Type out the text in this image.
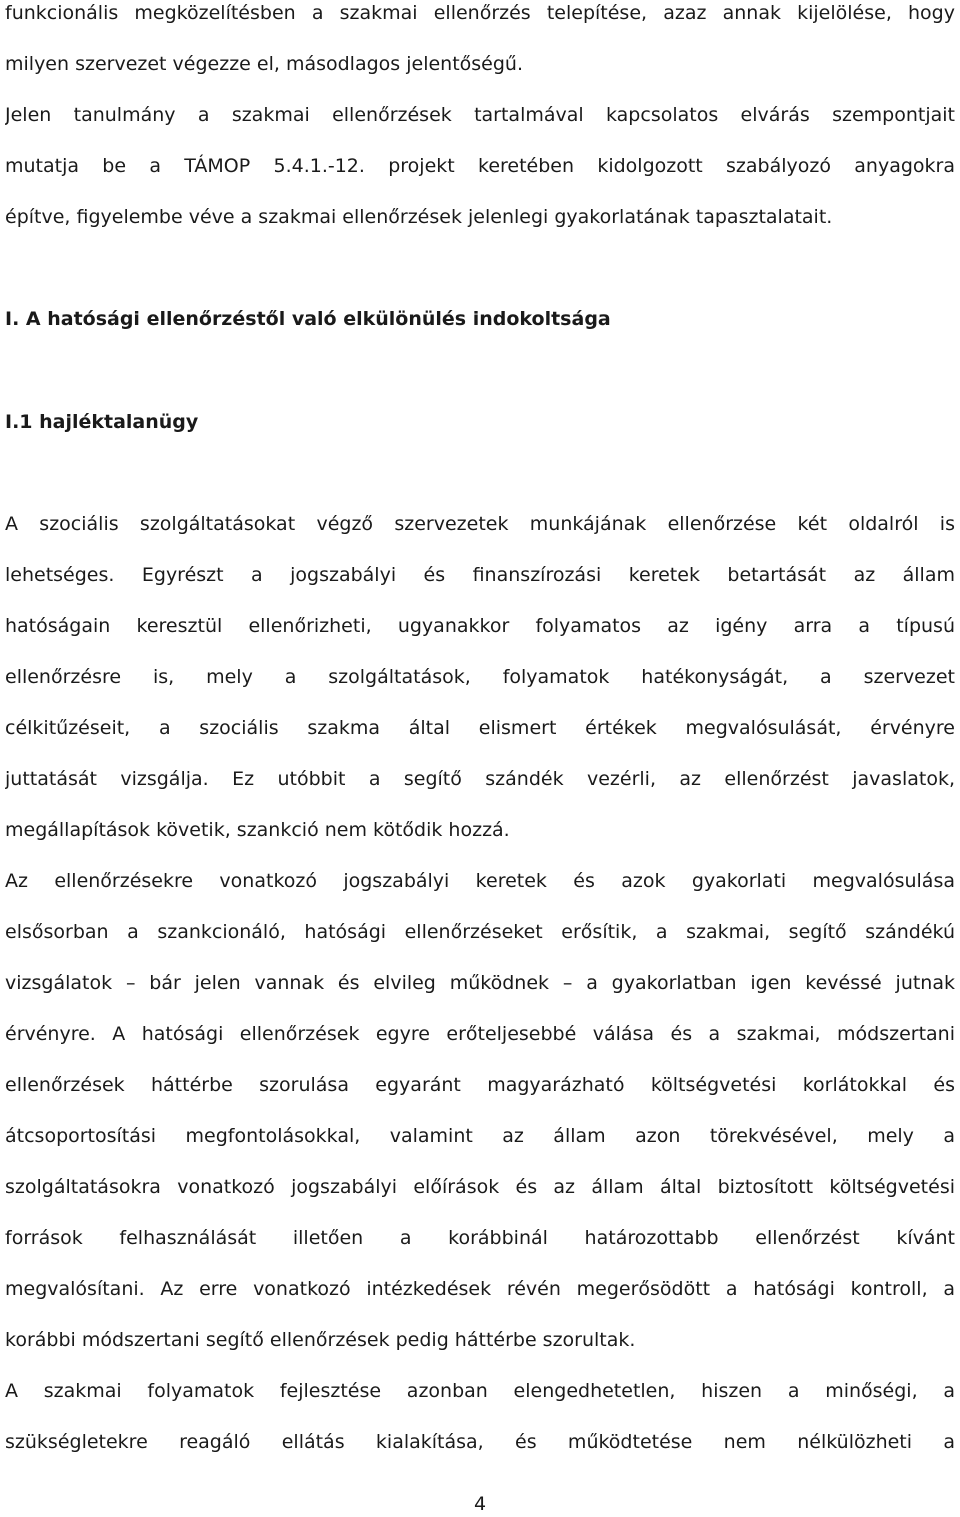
funkcionális megközelítésben a szakmai ellenőrzés telepítése, azaz annak kijelölése, hogy
milyen szervezet végezze el, másodlagos jelentőségű.
Jelen tanulmány a szakmai ellenőrzések tartalmával kapcsolatos elvárás szempontjait
mutatja be a TÁMOP 5.4.1.-12. projekt keretében kidolgozott szabályozó anyagokra
építve, figyelembe véve a szakmai ellenőrzések jelenlegi gyakorlatának tapasztalatait.
I. A hatósági ellenőrzéstől való elkülönülés indokoltsága
I.1 hajléktalanügy
A szociális szolgáltatásokat végző szervezetek munkájának ellenőrzése két oldalról is
lehetséges. Egyrészt a jogszabályi és finanszírozási keretek betartását az állam
hatóságain keresztül ellenőrizheti, ugyanakkor folyamatos az igény arra a típusú
ellenőrzésre is, mely a szolgáltatások, folyamatok hatékonyságát, a szervezet
célkitűzéseit, a szociális szakma által elismert értékek megvalósulását, érvényre
juttatását vizsgálja. Ez utóbbit a segítő szándék vezérli, az ellenőrzést javaslatok,
megállapítások követik, szankció nem kötődik hozzá.
Az ellenőrzésekre vonatkozó jogszabályi keretek és azok gyakorlati megvalósulása
elsősorban a szankcionáló, hatósági ellenőrzéseket erősítik, a szakmai, segítő szándékú
vizsgálatok – bár jelen vannak és elvileg működnek – a gyakorlatban igen kevéssé jutnak
érvényre. A hatósági ellenőrzések egyre erőteljesebbé válása és a szakmai, módszertani
ellenőrzések háttérbe szorulása egyaránt magyarázható költségvetési korlátokkal és
átcsoportosítási megfontolásokkal, valamint az állam azon törekvésével, mely a
szolgáltatásokra vonatkozó jogszabályi előírások és az állam által biztosított költségvetési
források felhasználását illetően a korábbinál határozottabb ellenőrzést kívánt
megvalósítani. Az erre vonatkozó intézkedések révén megerősödött a hatósági kontroll, a
korábbi módszertani segítő ellenőrzések pedig háttérbe szorultak.
A szakmai folyamatok fejlesztése azonban elengedhetetlen, hiszen a minőségi, a
szükségletekre reagáló ellátás kialakítása, és működtetése nem nélkülözheti a
4
